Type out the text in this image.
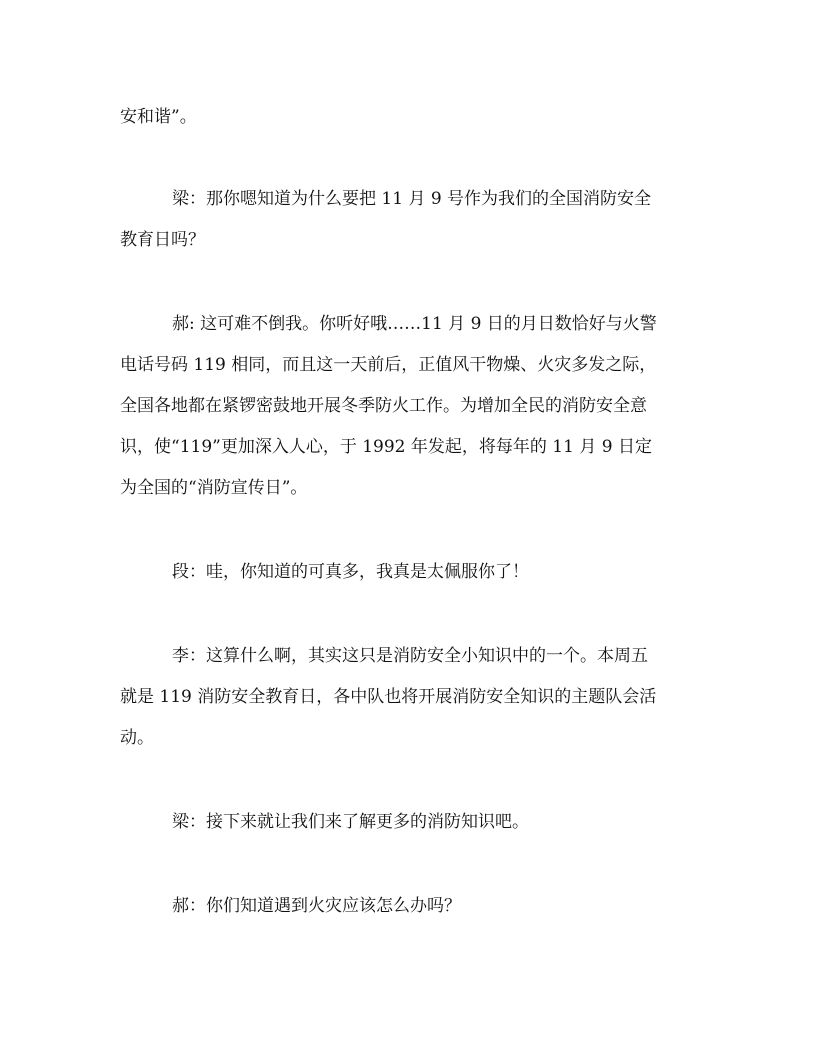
安和谐”。
梁：那你嗯知道为什么要把 11 月 9 号作为我们的全国消防安全
教育日吗？
郝: 这可难不倒我。你听好哦……11 月 9 日的月日数恰好与火警
电话号码 119 相同，而且这一天前后，正值风干物燥、火灾多发之际，
全国各地都在紧锣密鼓地开展冬季防火工作。为增加全民的消防安全意
识，使“119”更加深入人心，于 1992 年发起，将每年的 11 月 9 日定
为全国的“消防宣传日”。
段：哇，你知道的可真多，我真是太佩服你了！
李：这算什么啊，其实这只是消防安全小知识中的一个。本周五
就是 119 消防安全教育日，各中队也将开展消防安全知识的主题队会活
动。
梁：接下来就让我们来了解更多的消防知识吧。
郝：你们知道遇到火灾应该怎么办吗？
